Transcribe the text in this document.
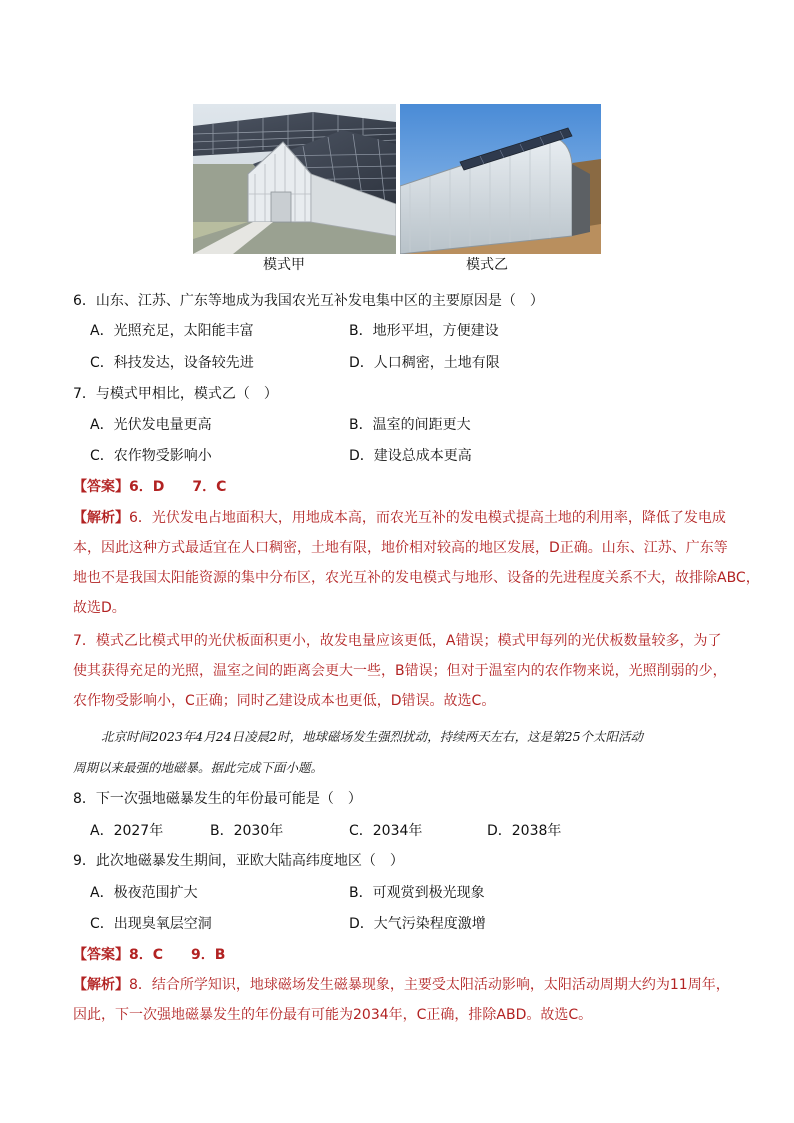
模式甲	模式乙
6．山东、江苏、广东等地成为我国农光互补发电集中区的主要原因是（　）
A．光照充足，太阳能丰富	B．地形平坦，方便建设
C．科技发达，设备较先进	D．人口稠密，土地有限
7．与模式甲相比，模式乙（　）
A．光伏发电量更高	B．温室的间距更大
C．农作物受影响小	D．建设总成本更高
【答案】6．D　　7．C
【解析】6．光伏发电占地面积大，用地成本高，而农光互补的发电模式提高土地的利用率，降低了发电成
本，因此这种方式最适宜在人口稠密，土地有限，地价相对较高的地区发展，D正确。山东、江苏、广东等
地也不是我国太阳能资源的集中分布区，农光互补的发电模式与地形、设备的先进程度关系不大，故排除ABC，
故选D。
7．模式乙比模式甲的光伏板面积更小，故发电量应该更低，A错误；模式甲每列的光伏板数量较多，为了
使其获得充足的光照，温室之间的距离会更大一些，B错误；但对于温室内的农作物来说，光照削弱的少，
农作物受影响小，C正确；同时乙建设成本也更低，D错误。故选C。
北京时间2023年4月24日凌晨2时，地球磁场发生强烈扰动，持续两天左右，这是第25个太阳活动
周期以来最强的地磁暴。据此完成下面小题。
8．下一次强地磁暴发生的年份最可能是（　）
A．2027年	B．2030年	C．2034年	D．2038年
9．此次地磁暴发生期间，亚欧大陆高纬度地区（　）
A．极夜范围扩大	B．可观赏到极光现象
C．出现臭氧层空洞	D．大气污染程度激增
【答案】8．C　　9．B
【解析】8．结合所学知识，地球磁场发生磁暴现象，主要受太阳活动影响，太阳活动周期大约为11周年，
因此，下一次强地磁暴发生的年份最有可能为2034年，C正确，排除ABD。故选C。
